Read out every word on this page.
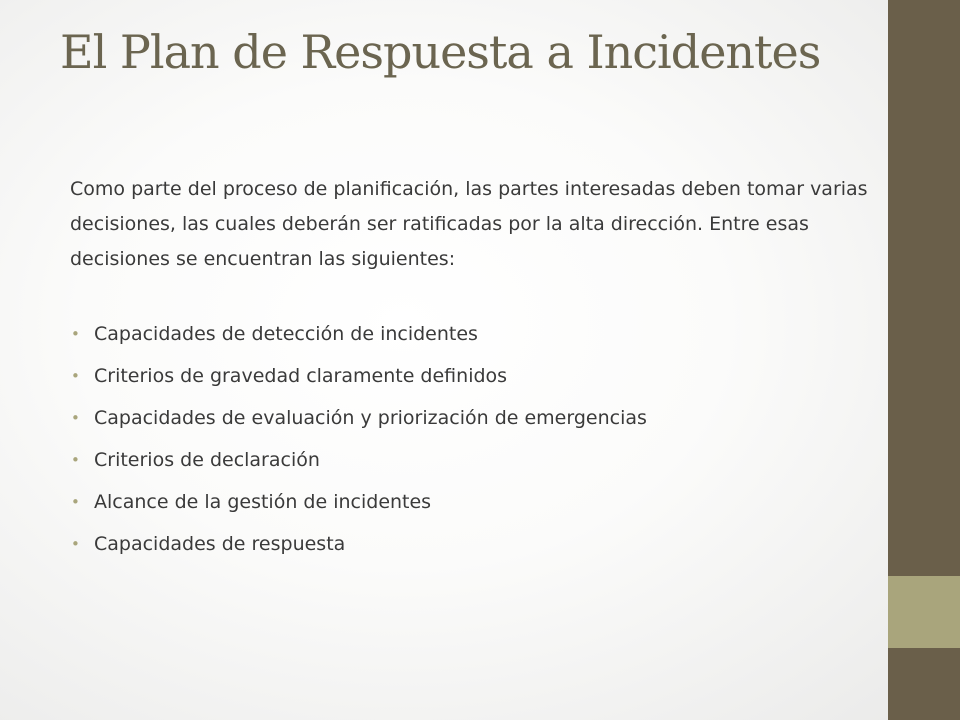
El Plan de Respuesta a Incidentes

Como parte del proceso de planificación, las partes interesadas deben tomar varias decisiones, las cuales deberán ser ratificadas por la alta dirección. Entre esas decisiones se encuentran las siguientes:

• Capacidades de detección de incidentes
• Criterios de gravedad claramente definidos
• Capacidades de evaluación y priorización de emergencias
• Criterios de declaración
• Alcance de la gestión de incidentes
• Capacidades de respuesta
